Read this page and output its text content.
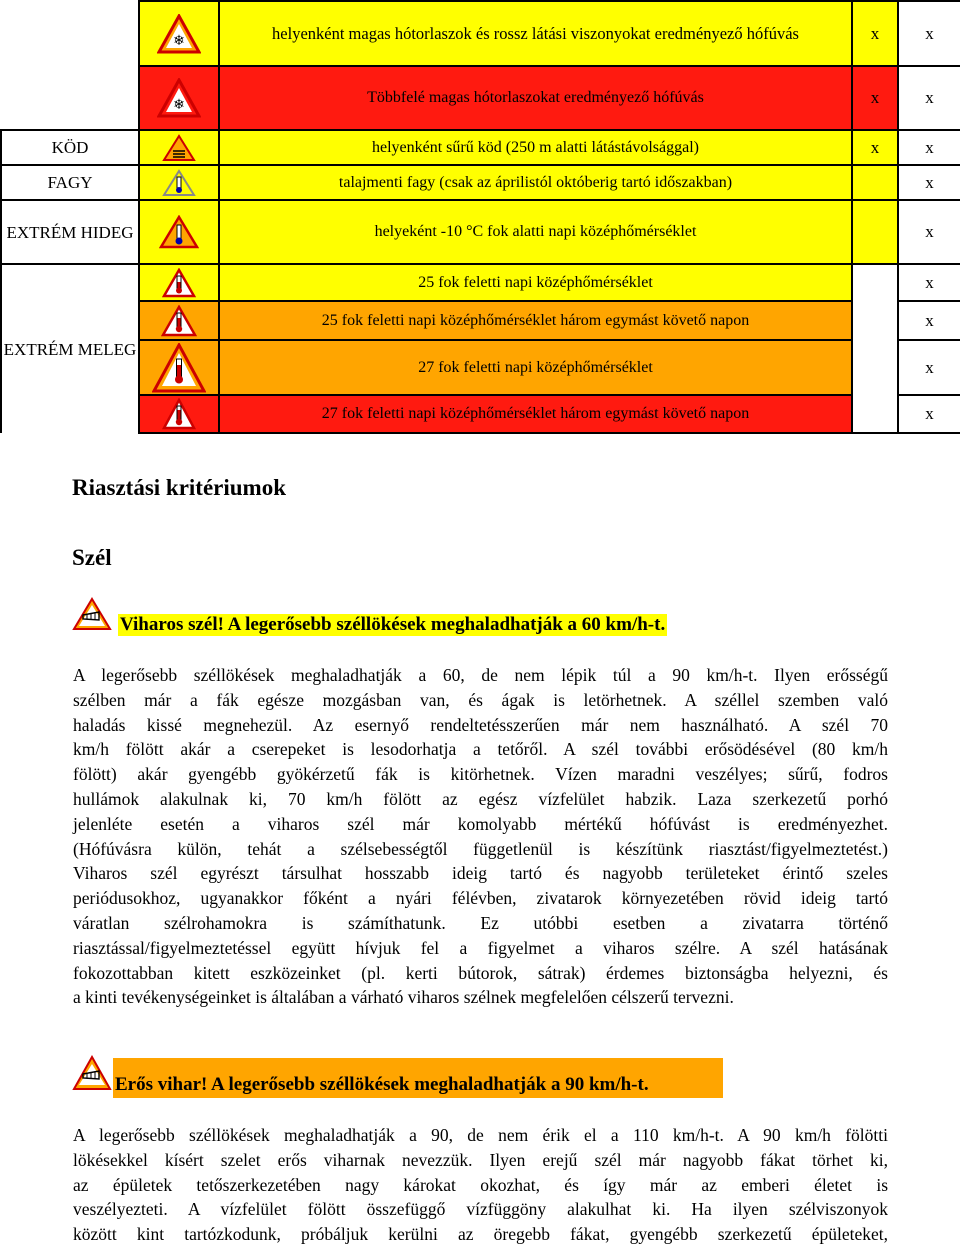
❄	helyenként magas hótorlaszok és rossz látási viszonyokat eredményező hófúvás	x	x

❄	Többfelé magas hótorlaszokat eredményező hófúvás	x	x
KÖD		helyenként sűrű köd (250 m alatti látástávolsággal)	x	x
FAGY		talajmenti fagy (csak az áprilistól októberig tartó időszakban)		x
EXTRÉM HIDEG		helyeként -10 °C fok alatti napi középhőmérséklet		x
EXTRÉM MELEG		25 fok feletti napi középhőmérséklet		x

	25 fok feletti napi középhőmérséklet három egymást követő napon		x

	27 fok feletti napi középhőmérséklet		x

	27 fok feletti napi középhőmérséklet három egymást követő napon		x
Riasztási kritériumok
Szél
Viharos szél! A legerősebb széllökések meghaladhatják a 60 km/h-t.
A legerősebb széllökések meghaladhatják a 60, de nem lépik túl a 90 km/h-t. Ilyen erősségű
szélben már a fák egésze mozgásban van, és ágak is letörhetnek. A széllel szemben való
haladás kissé megnehezül. Az esernyő rendeltetésszerűen már nem használható. A szél 70
km/h fölött akár a cserepeket is lesodorhatja a tetőről. A szél további erősödésével (80 km/h
fölött) akár gyengébb gyökérzetű fák is kitörhetnek. Vízen maradni veszélyes; sűrű, fodros
hullámok alakulnak ki, 70 km/h fölött az egész vízfelület habzik. Laza szerkezetű porhó
jelenléte esetén a viharos szél már komolyabb mértékű hófúvást is eredményezhet.
(Hófúvásra külön, tehát a szélsebességtől függetlenül is készítünk riasztást/figyelmeztetést.)
Viharos szél egyrészt társulhat hosszabb ideig tartó és nagyobb területeket érintő szeles
periódusokhoz, ugyanakkor főként a nyári félévben, zivatarok környezetében rövid ideig tartó
váratlan szélrohamokra is számíthatunk. Ez utóbbi esetben a zivatarra történő
riasztással/figyelmeztetéssel együtt hívjuk fel a figyelmet a viharos szélre. A szél hatásának
fokozottabban kitett eszközeinket (pl. kerti bútorok, sátrak) érdemes biztonságba helyezni, és
a kinti tevékenységeinket is általában a várható viharos szélnek megfelelően célszerű tervezni.
Erős vihar! A legerősebb széllökések meghaladhatják a 90 km/h-t.
A legerősebb széllökések meghaladhatják a 90, de nem érik el a 110 km/h-t. A 90 km/h fölötti
lökésekkel kísért szelet erős viharnak nevezzük. Ilyen erejű szél már nagyobb fákat törhet ki,
az épületek tetőszerkezetében nagy károkat okozhat, és így már az emberi életet is
veszélyezteti. A vízfelület fölött összefüggő vízfüggöny alakulhat ki. Ha ilyen szélviszonyok
között kint tartózkodunk, próbáljuk kerülni az öregebb fákat, gyengébb szerkezetű épületeket,
